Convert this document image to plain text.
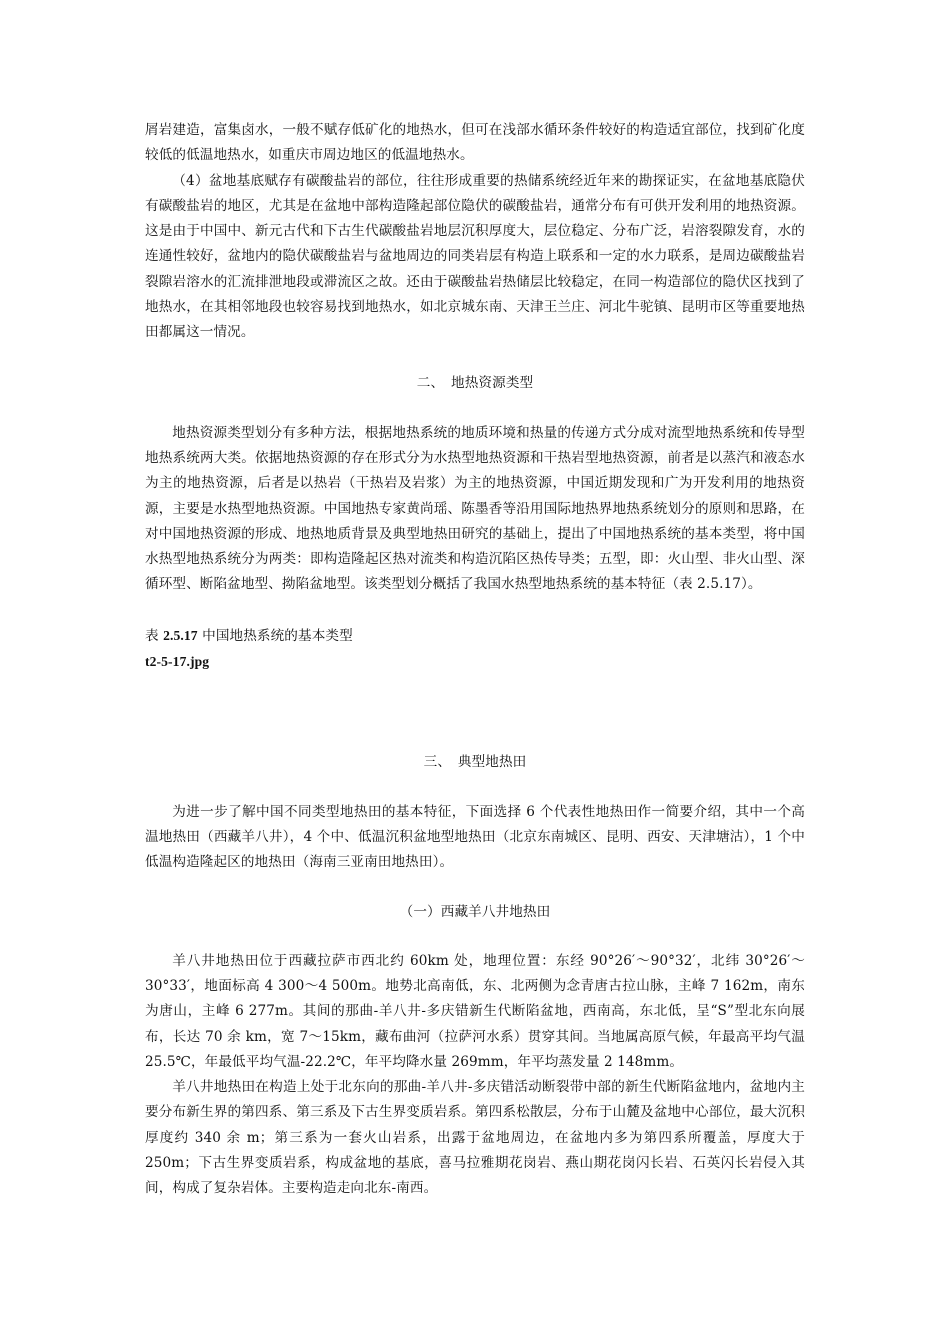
屑岩建造，富集卤水，一般不赋存低矿化的地热水，但可在浅部水循环条件较好的构造适宜部位，找到矿化度较低的低温地热水，如重庆市周边地区的低温地热水。

（4）盆地基底赋存有碳酸盐岩的部位，往往形成重要的热储系统经近年来的勘探证实，在盆地基底隐伏有碳酸盐岩的地区，尤其是在盆地中部构造隆起部位隐伏的碳酸盐岩，通常分布有可供开发利用的地热资源。这是由于中国中、新元古代和下古生代碳酸盐岩地层沉积厚度大，层位稳定、分布广泛，岩溶裂隙发育，水的连通性较好，盆地内的隐伏碳酸盐岩与盆地周边的同类岩层有构造上联系和一定的水力联系，是周边碳酸盐岩裂隙岩溶水的汇流排泄地段或滞流区之故。还由于碳酸盐岩热储层比较稳定，在同一构造部位的隐伏区找到了地热水，在其相邻地段也较容易找到地热水，如北京城东南、天津王兰庄、河北牛驼镇、昆明市区等重要地热田都属这一情况。

二、　地热资源类型

地热资源类型划分有多种方法，根据地热系统的地质环境和热量的传递方式分成对流型地热系统和传导型地热系统两大类。依据地热资源的存在形式分为水热型地热资源和干热岩型地热资源，前者是以蒸汽和液态水为主的地热资源，后者是以热岩（干热岩及岩浆）为主的地热资源，中国近期发现和广为开发利用的地热资源，主要是水热型地热资源。中国地热专家黄尚瑶、陈墨香等沿用国际地热界地热系统划分的原则和思路，在对中国地热资源的形成、地热地质背景及典型地热田研究的基础上，提出了中国地热系统的基本类型，将中国水热型地热系统分为两类：即构造隆起区热对流类和构造沉陷区热传导类；五型，即：火山型、非火山型、深循环型、断陷盆地型、拗陷盆地型。该类型划分概括了我国水热型地热系统的基本特征（表 2.5.17）。

表 2.5.17 中国地热系统的基本类型

t2-5-17.jpg

三、　典型地热田

为进一步了解中国不同类型地热田的基本特征，下面选择 6 个代表性地热田作一简要介绍，其中一个高温地热田（西藏羊八井），4 个中、低温沉积盆地型地热田（北京东南城区、昆明、西安、天津塘沽），1 个中低温构造隆起区的地热田（海南三亚南田地热田）。

（一）西藏羊八井地热田

羊八井地热田位于西藏拉萨市西北约 60km 处，地理位置：东经 90°26′～90°32′，北纬 30°26′～30°33′，地面标高 4 300～4 500m。地势北高南低，东、北两侧为念青唐古拉山脉，主峰 7 162m，南东为唐山，主峰 6 277m。其间的那曲-羊八井-多庆错新生代断陷盆地，西南高，东北低，呈“S”型北东向展布，长达 70 余 km，宽 7～15km，藏布曲河（拉萨河水系）贯穿其间。当地属高原气候，年最高平均气温 25.5℃，年最低平均气温-22.2℃，年平均降水量 269mm，年平均蒸发量 2 148mm。

羊八井地热田在构造上处于北东向的那曲-羊八井-多庆错活动断裂带中部的新生代断陷盆地内，盆地内主要分布新生界的第四系、第三系及下古生界变质岩系。第四系松散层，分布于山麓及盆地中心部位，最大沉积厚度约 340 余 m；第三系为一套火山岩系，出露于盆地周边，在盆地内多为第四系所覆盖，厚度大于 250m；下古生界变质岩系，构成盆地的基底，喜马拉雅期花岗岩、燕山期花岗闪长岩、石英闪长岩侵入其间，构成了复杂岩体。主要构造走向北东-南西。
